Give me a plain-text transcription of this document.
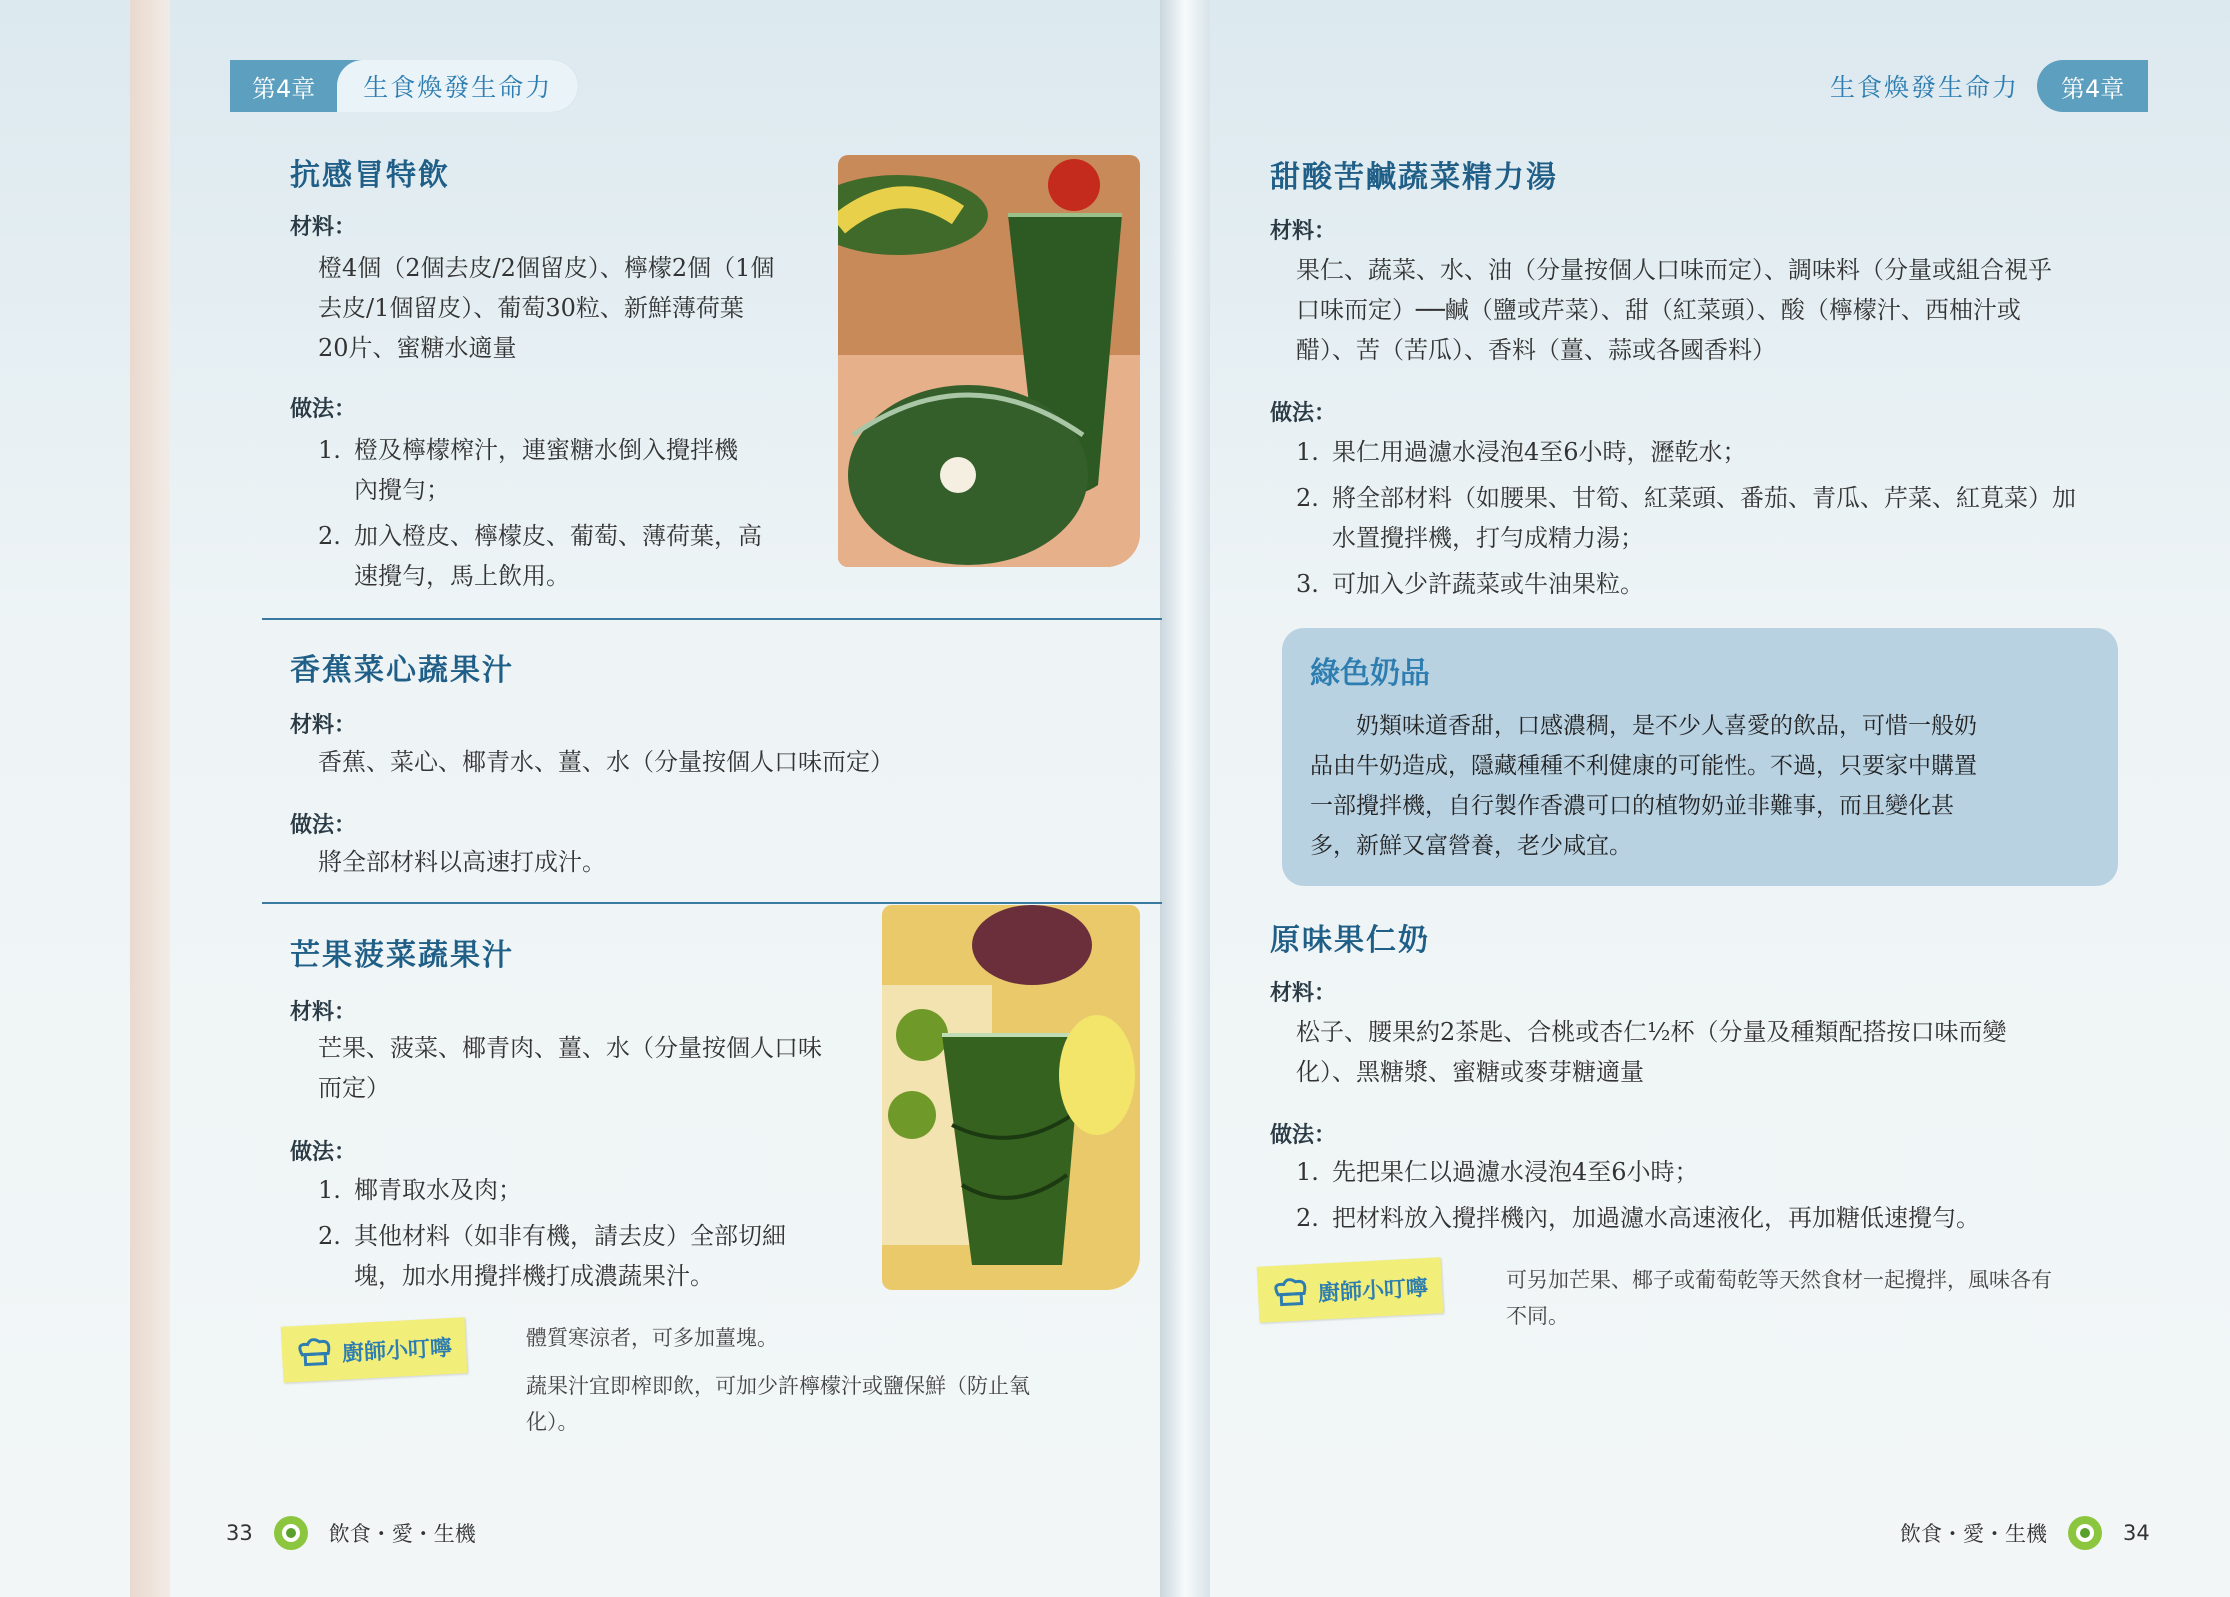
第4章	生食煥發生命力
抗感冒特飲
材料：
橙4個（2個去皮/2個留皮）、檸檬2個（1個
去皮/1個留皮）、葡萄30粒、新鮮薄荷葉
20片、蜜糖水適量
做法：
1. 橙及檸檬榨汁，連蜜糖水倒入攪拌機
內攪勻；
2. 加入橙皮、檸檬皮、葡萄、薄荷葉，高
速攪勻，馬上飲用。
香蕉菜心蔬果汁
材料：
香蕉、菜心、椰青水、薑、水（分量按個人口味而定）
做法：
將全部材料以高速打成汁。
芒果菠菜蔬果汁
材料：
芒果、菠菜、椰青肉、薑、水（分量按個人口味
而定）
做法：
1. 椰青取水及肉；
2. 其他材料（如非有機，請去皮）全部切細
塊，加水用攪拌機打成濃蔬果汁。
廚師小叮嚀	體質寒涼者，可多加薑塊。
蔬果汁宜即榨即飲，可加少許檸檬汁或鹽保鮮（防止氧
化）。
33	飲食・愛・生機
生食煥發生命力	第4章
甜酸苦鹹蔬菜精力湯
材料：
果仁、蔬菜、水、油（分量按個人口味而定）、調味料（分量或組合視乎
口味而定）──鹹（鹽或芹菜）、甜（紅菜頭）、酸（檸檬汁、西柚汁或
醋）、苦（苦瓜）、香料（薑、蒜或各國香料）
做法：
1. 果仁用過濾水浸泡4至6小時，瀝乾水；
2. 將全部材料（如腰果、甘筍、紅菜頭、番茄、青瓜、芹菜、紅莧菜）加
水置攪拌機，打勻成精力湯；
3. 可加入少許蔬菜或牛油果粒。
綠色奶品
　　奶類味道香甜，口感濃稠，是不少人喜愛的飲品，可惜一般奶
品由牛奶造成，隱藏種種不利健康的可能性。不過，只要家中購置
一部攪拌機，自行製作香濃可口的植物奶並非難事，而且變化甚
多，新鮮又富營養，老少咸宜。
原味果仁奶
材料：
松子、腰果約2茶匙、合桃或杏仁½杯（分量及種類配搭按口味而變
化）、黑糖漿、蜜糖或麥芽糖適量
做法：
1. 先把果仁以過濾水浸泡4至6小時；
2. 把材料放入攪拌機內，加過濾水高速液化，再加糖低速攪勻。
廚師小叮嚀	可另加芒果、椰子或葡萄乾等天然食材一起攪拌，風味各有
不同。
飲食・愛・生機	34
